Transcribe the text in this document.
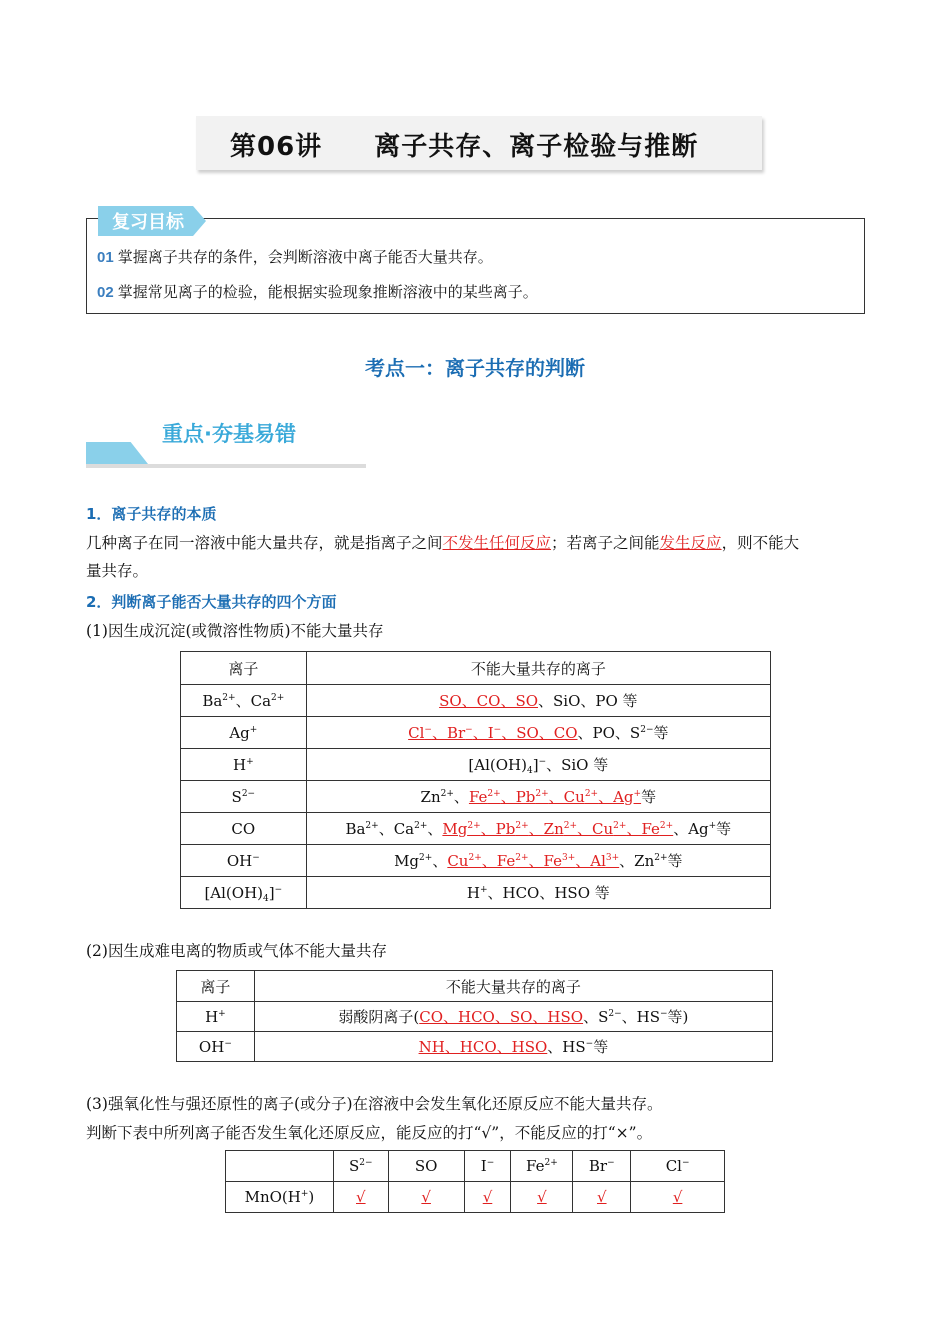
第06讲 离子共存、离子检验与推断
复习目标
01 掌握离子共存的条件，会判断溶液中离子能否大量共存。
02 掌握常见离子的检验，能根据实验现象推断溶液中的某些离子。
考点一：离子共存的判断
重点·夯基易错
1．离子共存的本质
几种离子在同一溶液中能大量共存，就是指离子之间不发生任何反应；若离子之间能发生反应，则不能大
量共存。
2．判断离子能否大量共存的四个方面
(1)因生成沉淀(或微溶性物质)不能大量共存
离子	不能大量共存的离子
$Ba^{2+}$、$Ca^{2+}$	SO、CO、SO、SiO、PO 等
Ag+	Cl−、Br−、I−、SO、CO、PO、$S^{2-}$等
H+	$[Al(OH)_4]^-$、SiO 等
$S^{2-}$	$Zn^{2+}$、$Fe^{2+}$、$Pb^{2+}$、$Cu^{2+}$、Ag+等
CO	$Ba^{2+}$、$Ca^{2+}$、$Mg^{2+}$、$Pb^{2+}$、$Zn^{2+}$、$Cu^{2+}$、$Fe^{2+}$、Ag+等
OH−	$Mg^{2+}$、$Cu^{2+}$、$Fe^{2+}$、$Fe^{3+}$、$Al^{3+}$、$Zn^{2+}$等
$[Al(OH)_4]^-$	H+、HCO、HSO 等
(2)因生成难电离的物质或气体不能大量共存
离子	不能大量共存的离子
H+	弱酸阴离子(CO、HCO、SO、HSO、$S^{2-}$、HS−等)
OH−	NH、HCO、HSO、HS−等
(3)强氧化性与强还原性的离子(或分子)在溶液中会发生氧化还原反应不能大量共存。
判断下表中所列离子能否发生氧化还原反应，能反应的打“√”，不能反应的打“×”。
	$S^{2-}$	SO	I−	$Fe^{2+}$	Br−	Cl−
MnO(H+)	√	√	√	√	√	√
